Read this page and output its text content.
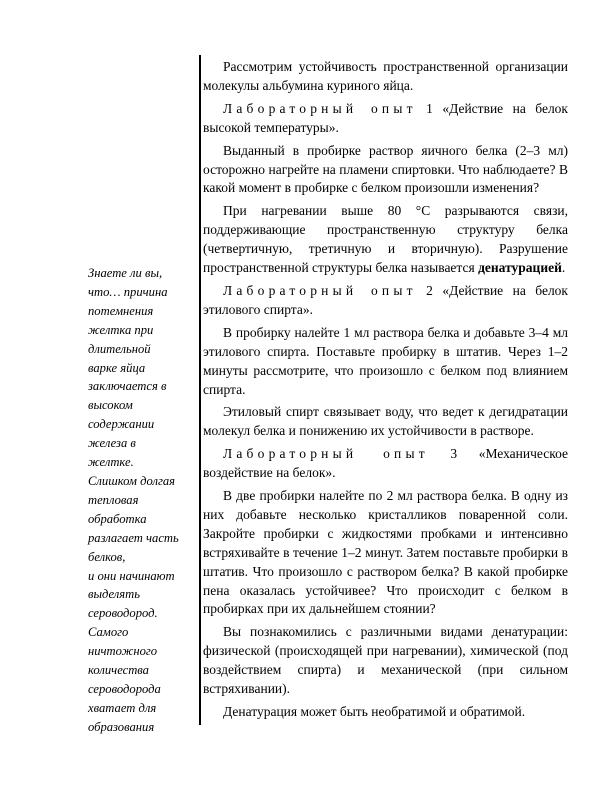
Знаете ли вы,
что… причина
потемнения
желтка при
длительной
варке яйца
заключается в
высоком
содержании
железа в
желтке.
Слишком долгая
тепловая
обработка
разлагает часть
белков,
и они начинают
выделять
сероводород.
Самого
ничтожного
количества
сероводорода
хватает для
образования

Рассмотрим устойчивость пространственной организации молекулы альбумина куриного яйца.

Лабораторный опыт 1 «Действие на белок высокой температуры».

Выданный в пробирке раствор яичного белка (2–3 мл) осторожно нагрейте на пламени спиртовки. Что наблюдаете? В какой момент в пробирке с белком произошли изменения?

При нагревании выше 80 °С разрываются связи, поддерживающие пространственную структуру белка (четвертичную, третичную и вторичную). Разрушение пространственной структуры белка называется денатурацией.

Лабораторный опыт 2 «Действие на белок этилового спирта».

В пробирку налейте 1 мл раствора белка и добавьте 3–4 мл этилового спирта. Поставьте пробирку в штатив. Через 1–2 минуты рассмотрите, что произошло с белком под влиянием спирта.

Этиловый спирт связывает воду, что ведет к дегидратации молекул белка и понижению их устойчивости в растворе.

Лабораторный опыт 3 «Механическое воздействие на белок».

В две пробирки налейте по 2 мл раствора белка. В одну из них добавьте несколько кристалликов поваренной соли. Закройте пробирки с жидкостями пробками и интенсивно встряхивайте в течение 1–2 минут. Затем поставьте пробирки в штатив. Что произошло с раствором белка? В какой пробирке пена оказалась устойчивее? Что происходит с белком в пробирках при их дальнейшем стоянии?

Вы познакомились с различными видами денатурации: физической (происходящей при нагревании), химической (под воздействием спирта) и механической (при сильном встряхивании).

Денатурация может быть необратимой и обратимой.
